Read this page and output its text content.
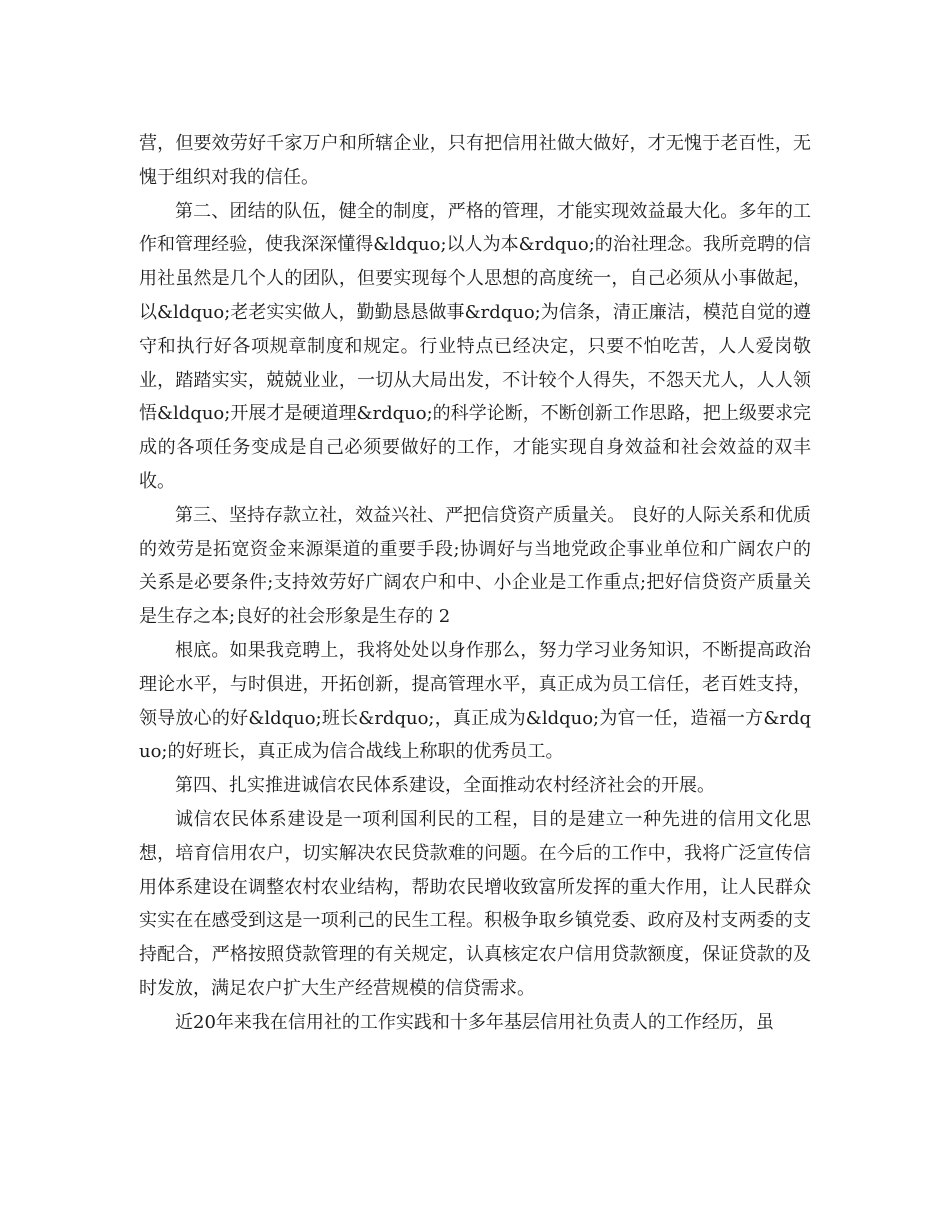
营，但要效劳好千家万户和所辖企业，只有把信用社做大做好，才无愧于老百性，无愧于组织对我的信任。

第二、团结的队伍，健全的制度，严格的管理，才能实现效益最大化。多年的工作和管理经验，使我深深懂得&ldquo;以人为本&rdquo;的治社理念。我所竞聘的信用社虽然是几个人的团队，但要实现每个人思想的高度统一，自己必须从小事做起，以&ldquo;老老实实做人，勤勤恳恳做事&rdquo;为信条，清正廉洁，模范自觉的遵守和执行好各项规章制度和规定。行业特点已经决定，只要不怕吃苦，人人爱岗敬业，踏踏实实，兢兢业业，一切从大局出发，不计较个人得失，不怨天尤人，人人领悟&ldquo;开展才是硬道理&rdquo;的科学论断，不断创新工作思路，把上级要求完成的各项任务变成是自己必须要做好的工作，才能实现自身效益和社会效益的双丰收。

第三、坚持存款立社，效益兴社、严把信贷资产质量关。 良好的人际关系和优质的效劳是拓宽资金来源渠道的重要手段;协调好与当地党政企事业单位和广阔农户的关系是必要条件;支持效劳好广阔农户和中、小企业是工作重点;把好信贷资产质量关是生存之本;良好的社会形象是生存的 2

根底。如果我竞聘上，我将处处以身作那么，努力学习业务知识，不断提高政治理论水平，与时俱进，开拓创新，提高管理水平，真正成为员工信任，老百姓支持，领导放心的好&ldquo;班长&rdquo;，真正成为&ldquo;为官一任，造福一方&rdquo;的好班长，真正成为信合战线上称职的优秀员工。

第四、扎实推进诚信农民体系建设，全面推动农村经济社会的开展。

诚信农民体系建设是一项利国利民的工程，目的是建立一种先进的信用文化思想，培育信用农户，切实解决农民贷款难的问题。在今后的工作中，我将广泛宣传信用体系建设在调整农村农业结构，帮助农民增收致富所发挥的重大作用，让人民群众实实在在感受到这是一项利己的民生工程。积极争取乡镇党委、政府及村支两委的支持配合，严格按照贷款管理的有关规定，认真核定农户信用贷款额度，保证贷款的及时发放，满足农户扩大生产经营规模的信贷需求。

近20年来我在信用社的工作实践和十多年基层信用社负责人的工作经历，虽
